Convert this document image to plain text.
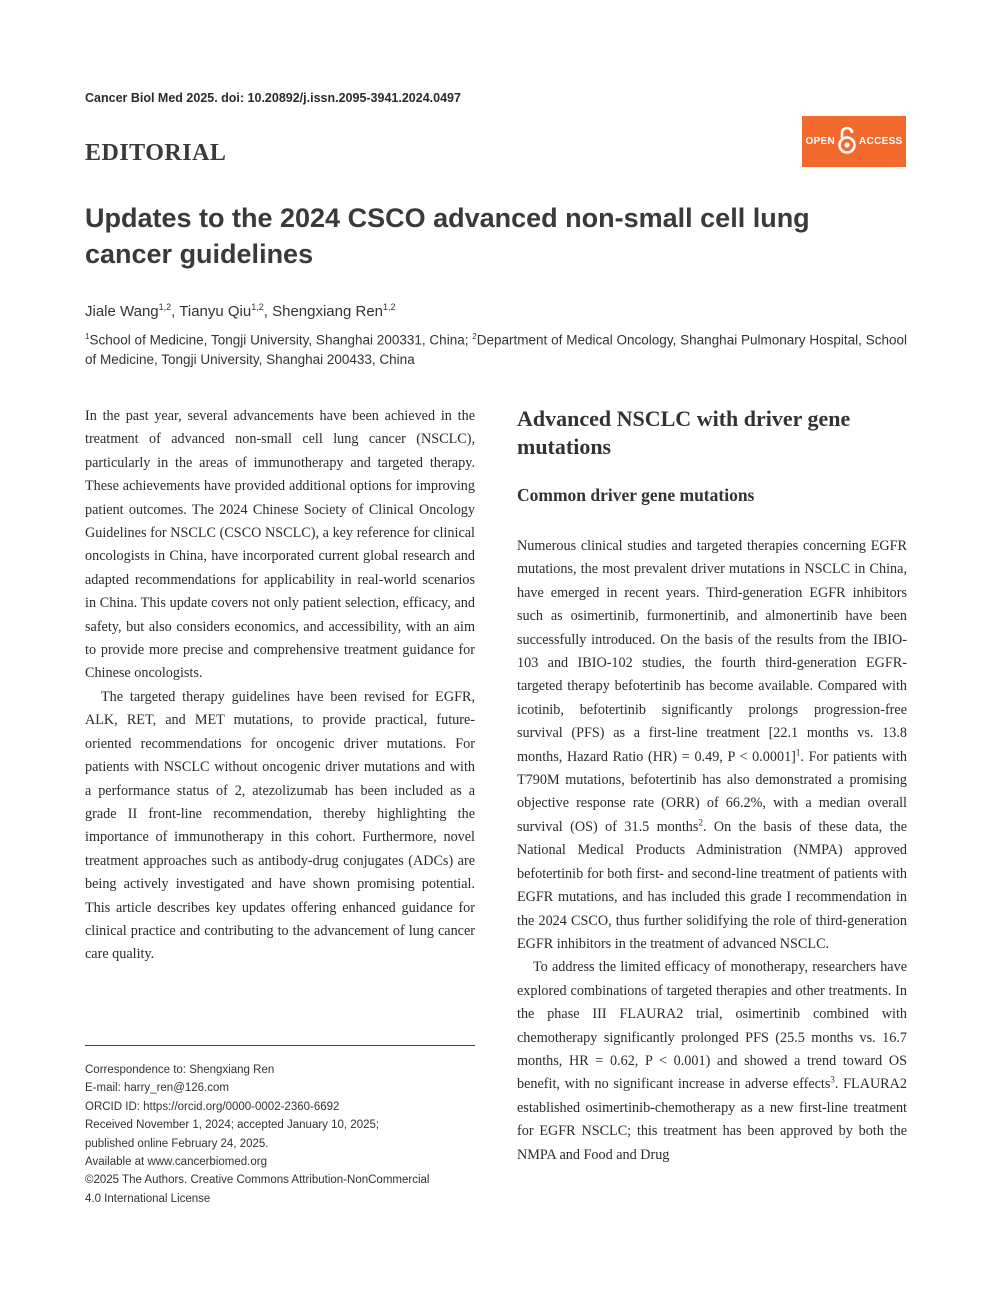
Cancer Biol Med 2025. doi: 10.20892/j.issn.2095-3941.2024.0497
EDITORIAL	OPEN ACCESS
Updates to the 2024 CSCO advanced non-small cell lung
cancer guidelines
Jiale Wang$^{1,2}$, Tianyu Qiu$^{1,2}$, Shengxiang Ren$^{1,2}$
$^1$School of Medicine, Tongji University, Shanghai 200331, China; $^2$Department of Medical Oncology, Shanghai Pulmonary Hospital, School of Medicine, Tongji University, Shanghai 200433, China

In the past year, several advancements have been achieved in the treatment of advanced non-small cell lung cancer (NSCLC), particularly in the areas of immunotherapy and targeted therapy. These achievements have provided additional options for improving patient outcomes. The 2024 Chinese Society of Clinical Oncology Guidelines for NSCLC (CSCO NSCLC), a key reference for clinical oncologists in China, have incorporated current global research and adapted recommendations for applicability in real-world scenarios in China. This update covers not only patient selection, efficacy, and safety, but also considers economics, and accessibility, with an aim to provide more precise and comprehensive treatment guidance for Chinese oncologists.

The targeted therapy guidelines have been revised for EGFR, ALK, RET, and MET mutations, to provide practical, future-oriented recommendations for oncogenic driver mutations. For patients with NSCLC without oncogenic driver mutations and with a performance status of 2, atezolizumab has been included as a grade II front-line recommendation, thereby highlighting the importance of immunotherapy in this cohort. Furthermore, novel treatment approaches such as antibody-drug conjugates (ADCs) are being actively investigated and have shown promising potential. This article describes key updates offering enhanced guidance for clinical practice and contributing to the advancement of lung cancer care quality.

Advanced NSCLC with driver gene mutations
Common driver gene mutations

Numerous clinical studies and targeted therapies concerning EGFR mutations, the most prevalent driver mutations in NSCLC in China, have emerged in recent years. Third-generation EGFR inhibitors such as osimertinib, furmonertinib, and almonertinib have been successfully introduced. On the basis of the results from the IBIO-103 and IBIO-102 studies, the fourth third-generation EGFR-targeted therapy befotertinib has become available. Compared with icotinib, befotertinib significantly prolongs progression-free survival (PFS) as a first-line treatment [22.1 months vs. 13.8 months, Hazard Ratio (HR) = 0.49, P < 0.0001]$^1$. For patients with T790M mutations, befotertinib has also demonstrated a promising objective response rate (ORR) of 66.2%, with a median overall survival (OS) of 31.5 months$^2$. On the basis of these data, the National Medical Products Administration (NMPA) approved befotertinib for both first- and second-line treatment of patients with EGFR mutations, and has included this grade I recommendation in the 2024 CSCO, thus further solidifying the role of third-generation EGFR inhibitors in the treatment of advanced NSCLC.

To address the limited efficacy of monotherapy, researchers have explored combinations of targeted therapies and other treatments. In the phase III FLAURA2 trial, osimertinib combined with chemotherapy significantly prolonged PFS (25.5 months vs. 16.7 months, HR = 0.62, P < 0.001) and showed a trend toward OS benefit, with no significant increase in adverse effects$^3$. FLAURA2 established osimertinib-chemotherapy as a new first-line treatment for EGFR NSCLC; this treatment has been approved by both the NMPA and Food and Drug

Correspondence to: Shengxiang Ren
E-mail: harry_ren@126.com
ORCID ID: https://orcid.org/0000-0002-2360-6692
Received November 1, 2024; accepted January 10, 2025;
published online February 24, 2025.
Available at www.cancerbiomed.org
©2025 The Authors. Creative Commons Attribution-NonCommercial
4.0 International License
